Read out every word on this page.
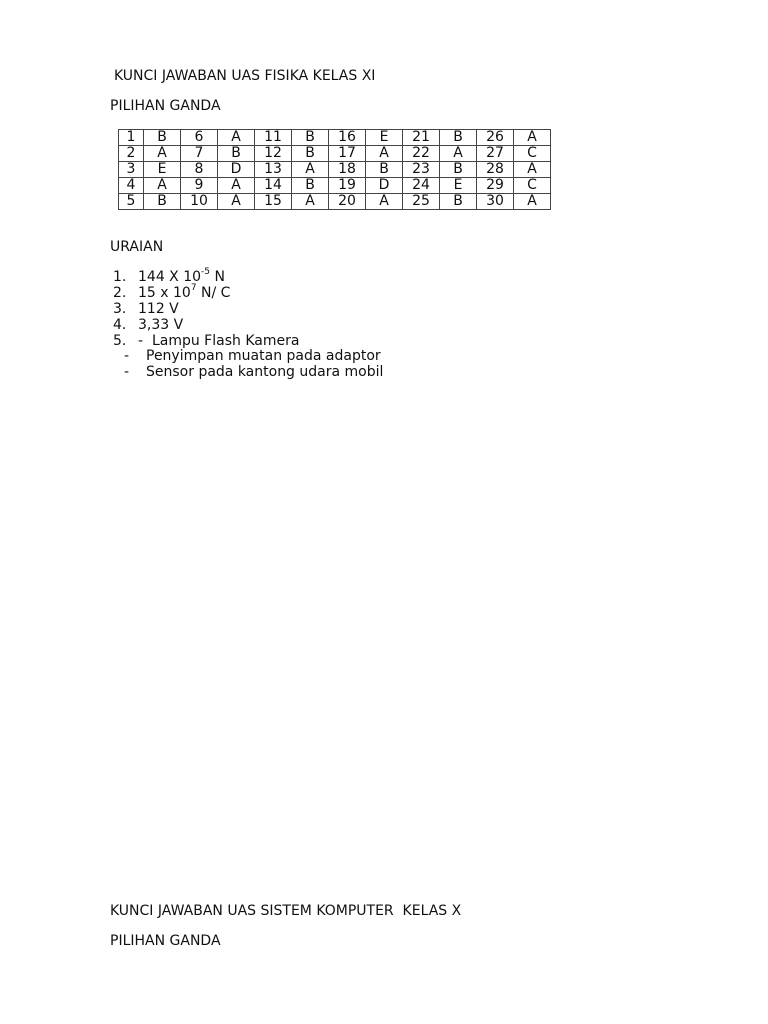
KUNCI JAWABAN UAS FISIKA KELAS XI
PILIHAN GANDA
1	B	6	A	11	B	16	E	21	B	26	A
2	A	7	B	12	B	17	A	22	A	27	C
3	E	8	D	13	A	18	B	23	B	28	A
4	A	9	A	14	B	19	D	24	E	29	C
5	B	10	A	15	A	20	A	25	B	30	A
URAIAN
1. 144 X $10^{-5}$ N
2. 15 x $10^7$ N/ C
3. 112 V
4. 3,33 V
5. -  Lampu Flash Kamera
- Penyimpan muatan pada adaptor
- Sensor pada kantong udara mobil
KUNCI JAWABAN UAS SISTEM KOMPUTER  KELAS X
PILIHAN GANDA
